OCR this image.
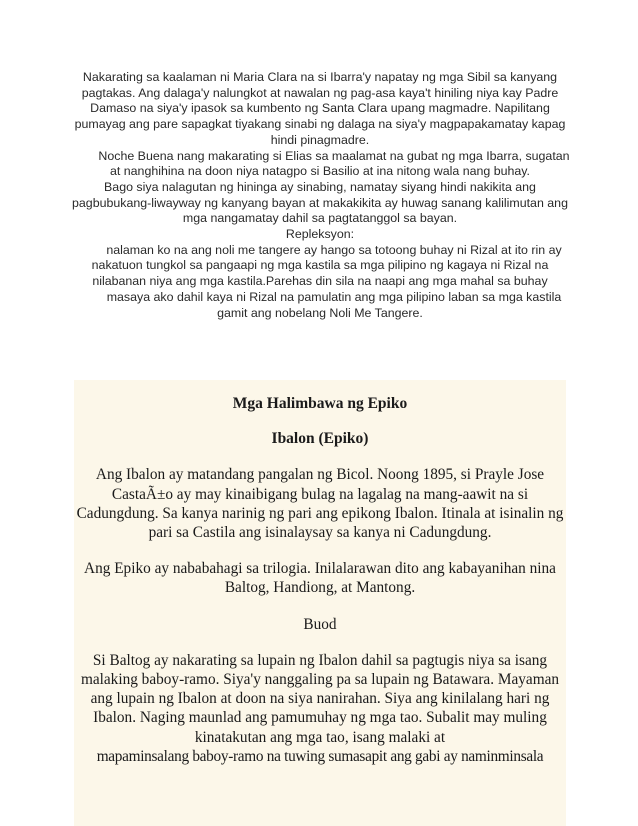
Nakarating sa kaalaman ni Maria Clara na si Ibarra'y napatay ng mga Sibil sa kanyang pagtakas. Ang dalaga'y nalungkot at nawalan ng pag-asa kaya't hiniling niya kay Padre Damaso na siya'y ipasok sa kumbento ng Santa Clara upang magmadre. Napilitang pumayag ang pare sapagkat tiyakang sinabi ng dalaga na siya'y magpapakamatay kapag hindi pinagmadre.

Noche Buena nang makarating si Elias sa maalamat na gubat ng mga Ibarra, sugatan at nanghihina na doon niya natagpo si Basilio at ina nitong wala nang buhay.

Bago siya nalagutan ng hininga ay sinabing, namatay siyang hindi nakikita ang pagbubukang-liwayway ng kanyang bayan at makakikita ay huwag sanang kalilimutan ang mga nangamatay dahil sa pagtatanggol sa bayan.

Repleksyon:

nalaman ko na ang noli me tangere ay hango sa totoong buhay ni Rizal at ito rin ay nakatuon tungkol sa pangaapi ng mga kastila sa mga pilipino ng kagaya ni Rizal na nilabanan niya ang mga kastila.Parehas din sila na naapi ang mga mahal sa buhay

masaya ako dahil kaya ni Rizal na pamulatin ang mga pilipino laban sa mga kastila gamit ang nobelang Noli Me Tangere.

Mga Halimbawa ng Epiko

Ibalon (Epiko)

Ang Ibalon ay matandang pangalan ng Bicol. Noong 1895, si Prayle Jose CastaÃ±o ay may kinaibigang bulag na lagalag na mang-aawit na si Cadungdung. Sa kanya narinig ng pari ang epikong Ibalon. Itinala at isinalin ng pari sa Castila ang isinalaysay sa kanya ni Cadungdung.

Ang Epiko ay nababahagi sa trilogia. Inilalarawan dito ang kabayanihan nina Baltog, Handiong, at Mantong.

Buod

Si Baltog ay nakarating sa lupain ng Ibalon dahil sa pagtugis niya sa isang malaking baboy-ramo. Siya'y nanggaling pa sa lupain ng Batawara. Mayaman ang lupain ng Ibalon at doon na siya nanirahan. Siya ang kinilalang hari ng Ibalon. Naging maunlad ang pamumuhay ng mga tao. Subalit may muling kinatakutan ang mga tao, isang malaki at

mapaminsalang baboy-ramo na tuwing sumasapit ang gabi ay naminminsala
